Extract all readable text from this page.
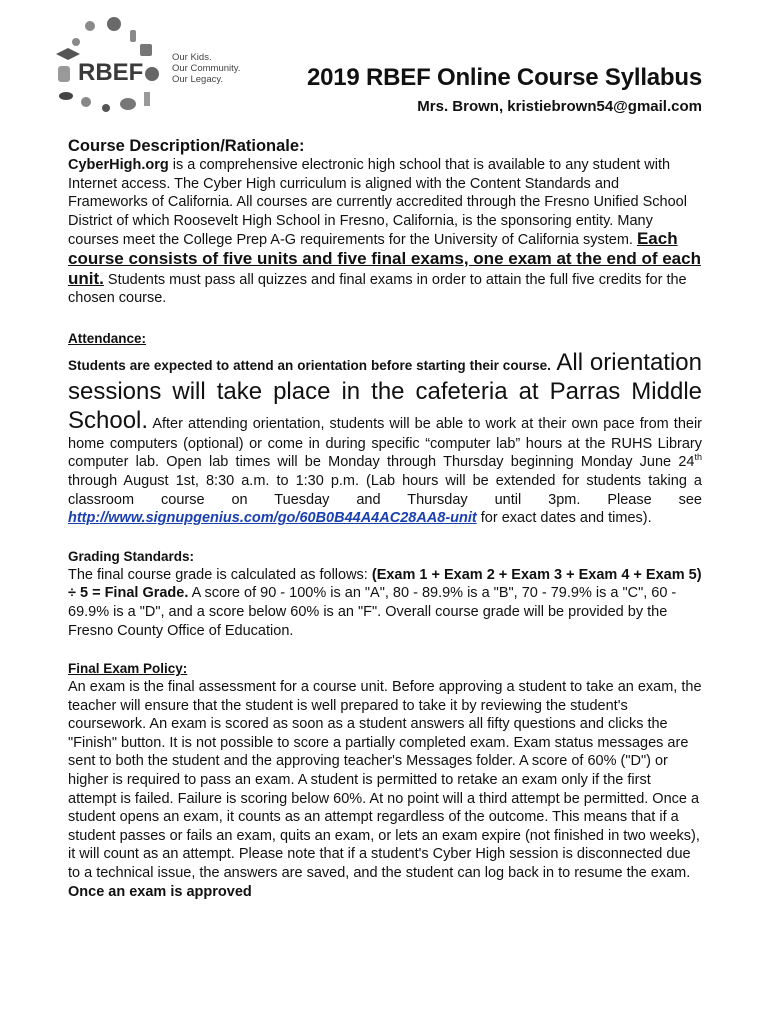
RBEF
Our Kids.
Our Community.
Our Legacy.	2019 RBEF Online Course Syllabus
Mrs. Brown, kristiebrown54@gmail.com
Course Description/Rationale:

CyberHigh.org is a comprehensive electronic high school that is available to any student with Internet access. The Cyber High curriculum is aligned with the Content Standards and Frameworks of California. All courses are currently accredited through the Fresno Unified School District of which Roosevelt High School in Fresno, California, is the sponsoring entity. Many courses meet the College Prep A-G requirements for the University of California system. Each course consists of five units and five final exams, one exam at the end of each unit. Students must pass all quizzes and final exams in order to attain the full five credits for the chosen course.

Attendance:

Students are expected to attend an orientation before starting their course. All orientation sessions will take place in the cafeteria at Parras Middle School. After attending orientation, students will be able to work at their own pace from their home computers (optional) or come in during specific “computer lab” hours at the RUHS Library computer lab. Open lab times will be Monday through Thursday beginning Monday June 24th through August 1st, 8:30 a.m. to 1:30 p.m. (Lab hours will be extended for students taking a classroom course on Tuesday and Thursday until 3pm. Please see http://www.signupgenius.com/go/60B0B44A4AC28AA8-unit for exact dates and times).

Grading Standards:

The final course grade is calculated as follows: (Exam 1 + Exam 2 + Exam 3 + Exam 4 + Exam 5) ÷ 5 = Final Grade. A score of 90 - 100% is an "A", 80 - 89.9% is a "B", 70 - 79.9% is a "C", 60 - 69.9% is a "D", and a score below 60% is an "F". Overall course grade will be provided by the Fresno County Office of Education.

Final Exam Policy:

An exam is the final assessment for a course unit. Before approving a student to take an exam, the teacher will ensure that the student is well prepared to take it by reviewing the student's coursework. An exam is scored as soon as a student answers all fifty questions and clicks the "Finish" button. It is not possible to score a partially completed exam. Exam status messages are sent to both the student and the approving teacher's Messages folder. A score of 60% ("D") or higher is required to pass an exam. A student is permitted to retake an exam only if the first attempt is failed. Failure is scoring below 60%. At no point will a third attempt be permitted. Once a student opens an exam, it counts as an attempt regardless of the outcome. This means that if a student passes or fails an exam, quits an exam, or lets an exam expire (not finished in two weeks), it will count as an attempt. Please note that if a student's Cyber High session is disconnected due to a technical issue, the answers are saved, and the student can log back in to resume the exam. Once an exam is approved
